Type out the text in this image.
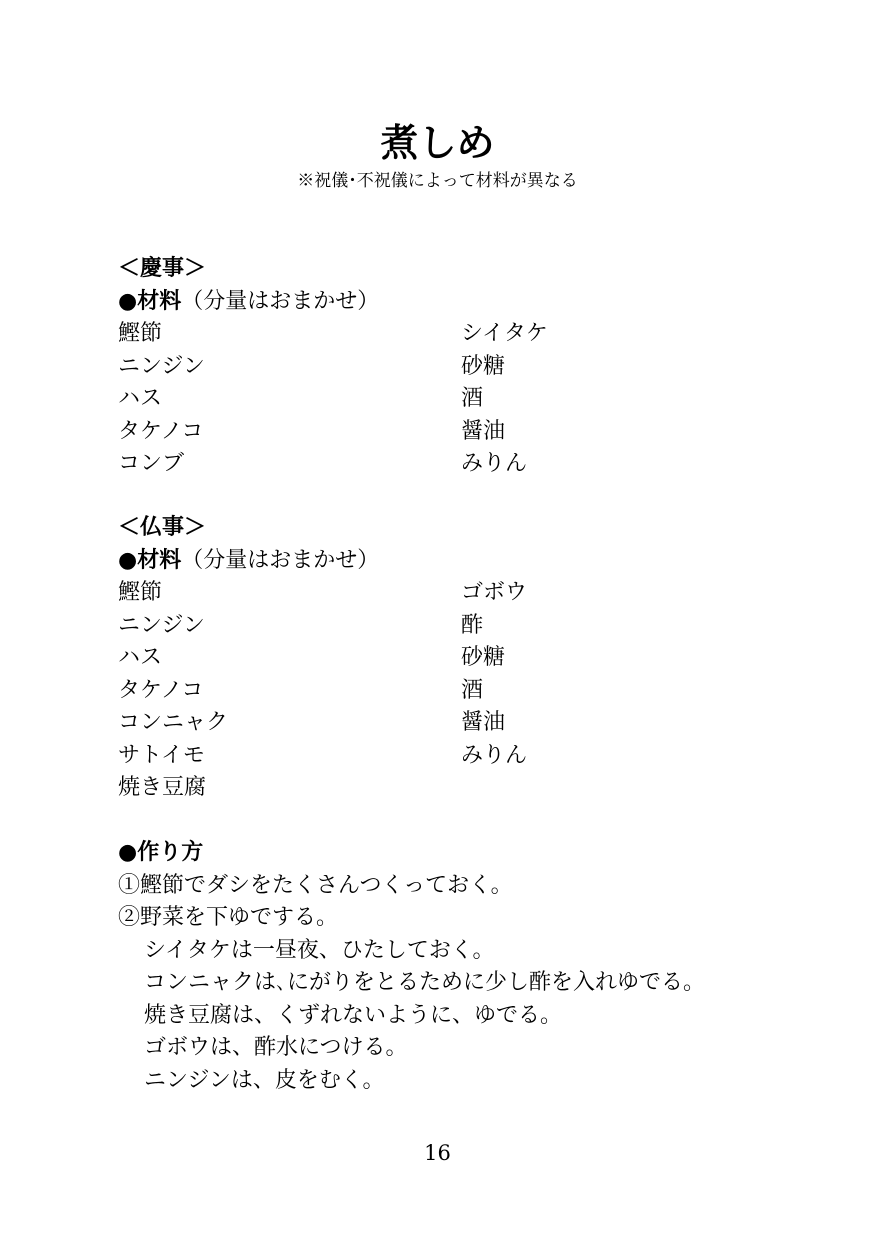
煮しめ
※祝儀･不祝儀によって材料が異なる
＜慶事＞
●材料（分量はおまかせ）
鰹節	シイタケ
ニンジン	砂糖
ハス	酒
タケノコ	醤油
コンブ	みりん
＜仏事＞
●材料（分量はおまかせ）
鰹節	ゴボウ
ニンジン	酢
ハス	砂糖
タケノコ	酒
コンニャク	醤油
サトイモ	みりん
焼き豆腐
●作り方
①鰹節でダシをたくさんつくっておく。
②野菜を下ゆでする。
シイタケは一昼夜、ひたしておく。
コンニャクは､にがりをとるために少し酢を入れゆでる。
焼き豆腐は、くずれないように、ゆでる。
ゴボウは、酢水につける。
ニンジンは、皮をむく。
16
